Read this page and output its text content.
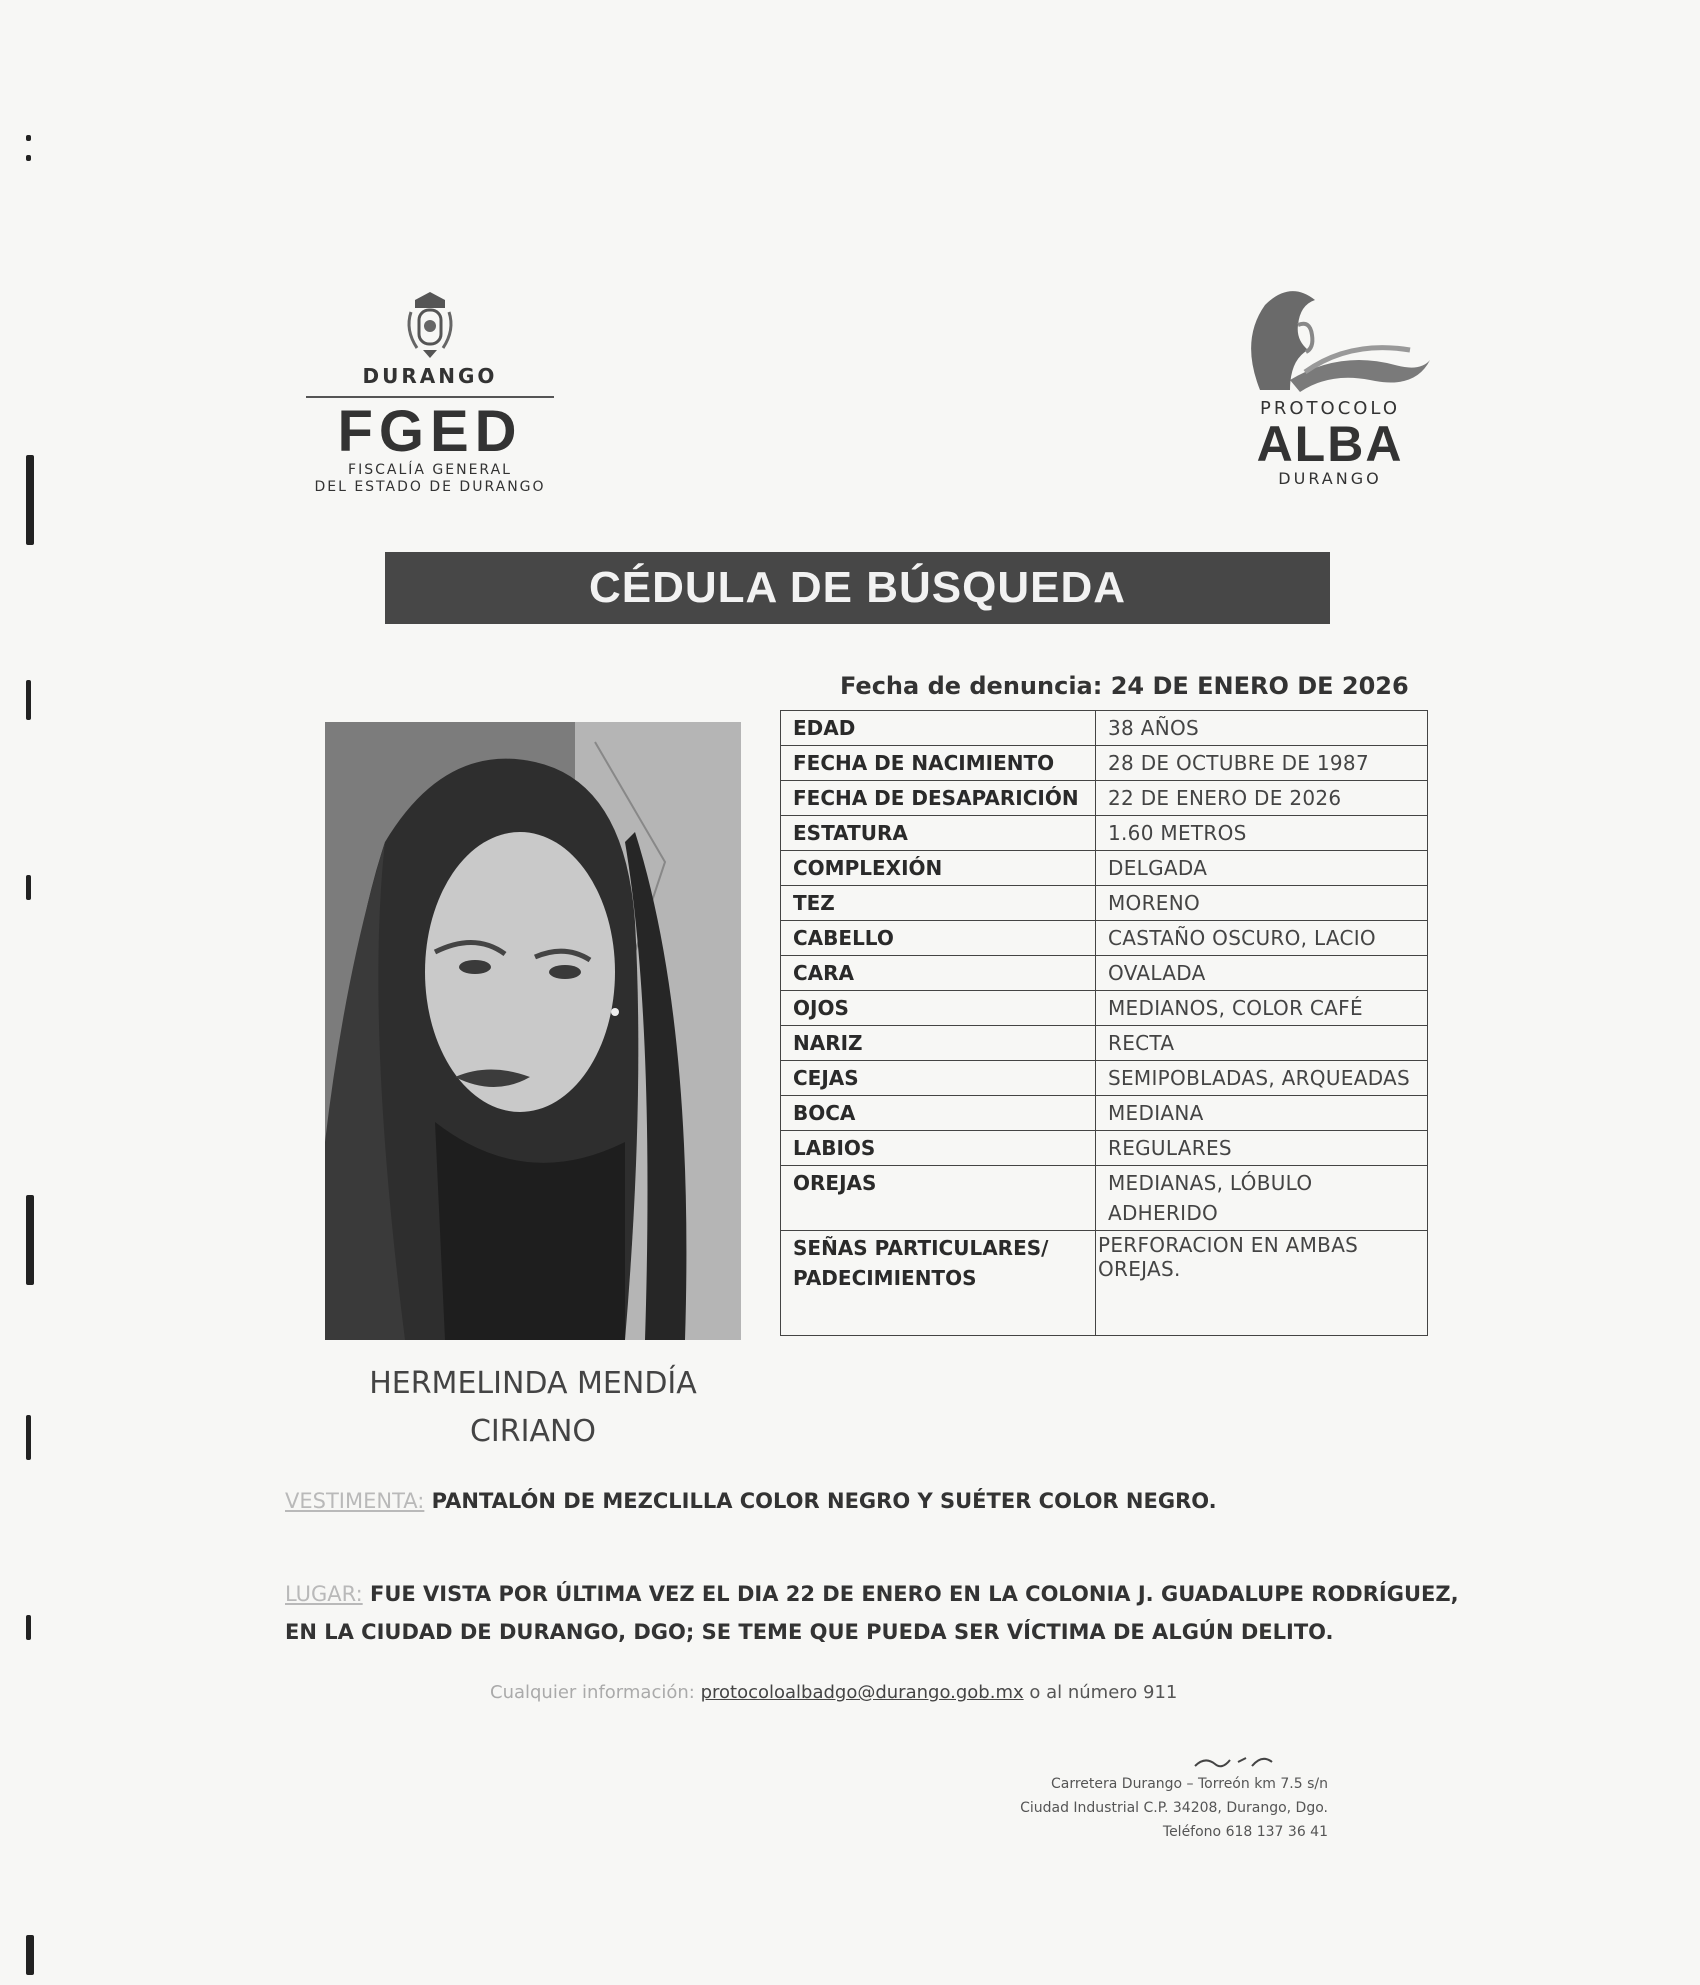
DURANGO
FGED
FISCALÍA GENERAL
DEL ESTADO DE DURANGO
PROTOCOLO
ALBA
DURANGO
CÉDULA DE BÚSQUEDA
Fecha de denuncia: 24 DE ENERO DE 2026
HERMELINDA MENDÍA
CIRIANO
EDAD	38 AÑOS
FECHA DE NACIMIENTO	28 DE OCTUBRE DE 1987
FECHA DE DESAPARICIÓN	22 DE ENERO DE 2026
ESTATURA	1.60 METROS
COMPLEXIÓN	DELGADA
TEZ	MORENO
CABELLO	CASTAÑO OSCURO, LACIO
CARA	OVALADA
OJOS	MEDIANOS, COLOR CAFÉ
NARIZ	RECTA
CEJAS	SEMIPOBLADAS, ARQUEADAS
BOCA	MEDIANA
LABIOS	REGULARES
OREJAS	MEDIANAS, LÓBULO ADHERIDO
SEÑAS PARTICULARES/ PADECIMIENTOS	PERFORACION EN AMBAS OREJAS.
VESTIMENTA: PANTALÓN DE MEZCLILLA COLOR NEGRO Y SUÉTER COLOR NEGRO.
LUGAR: FUE VISTA POR ÚLTIMA VEZ EL DIA 22 DE ENERO EN LA COLONIA J. GUADALUPE RODRÍGUEZ,
EN LA CIUDAD DE DURANGO, DGO; SE TEME QUE PUEDA SER VÍCTIMA DE ALGÚN DELITO.
Cualquier información: protocoloalbadgo@durango.gob.mx o al número 911
Carretera Durango – Torreón km 7.5 s/n
Ciudad Industrial C.P. 34208, Durango, Dgo.
Teléfono 618 137 36 41
